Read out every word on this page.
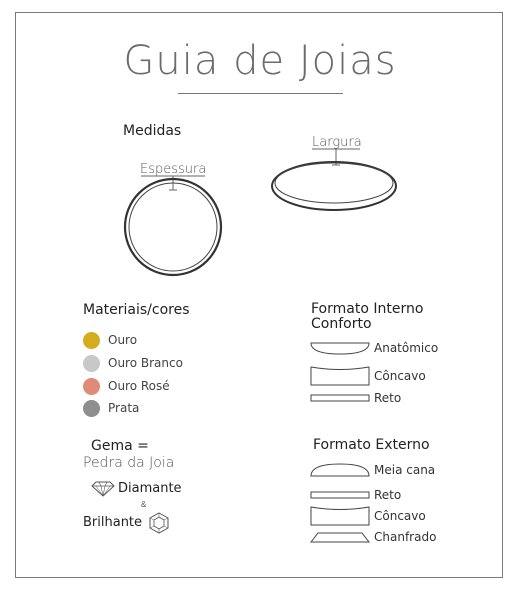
Guia de Joias
Medidas
Espessura
Largura
Materiais/cores
Ouro
Ouro Branco
Ouro Rosé
Prata
Gema =
Pedra da Joia
Diamante
&
Brilhante
Formato Interno
Conforto
Anatômico
Côncavo
Reto
Formato Externo
Meia cana
Reto
Côncavo
Chanfrado
